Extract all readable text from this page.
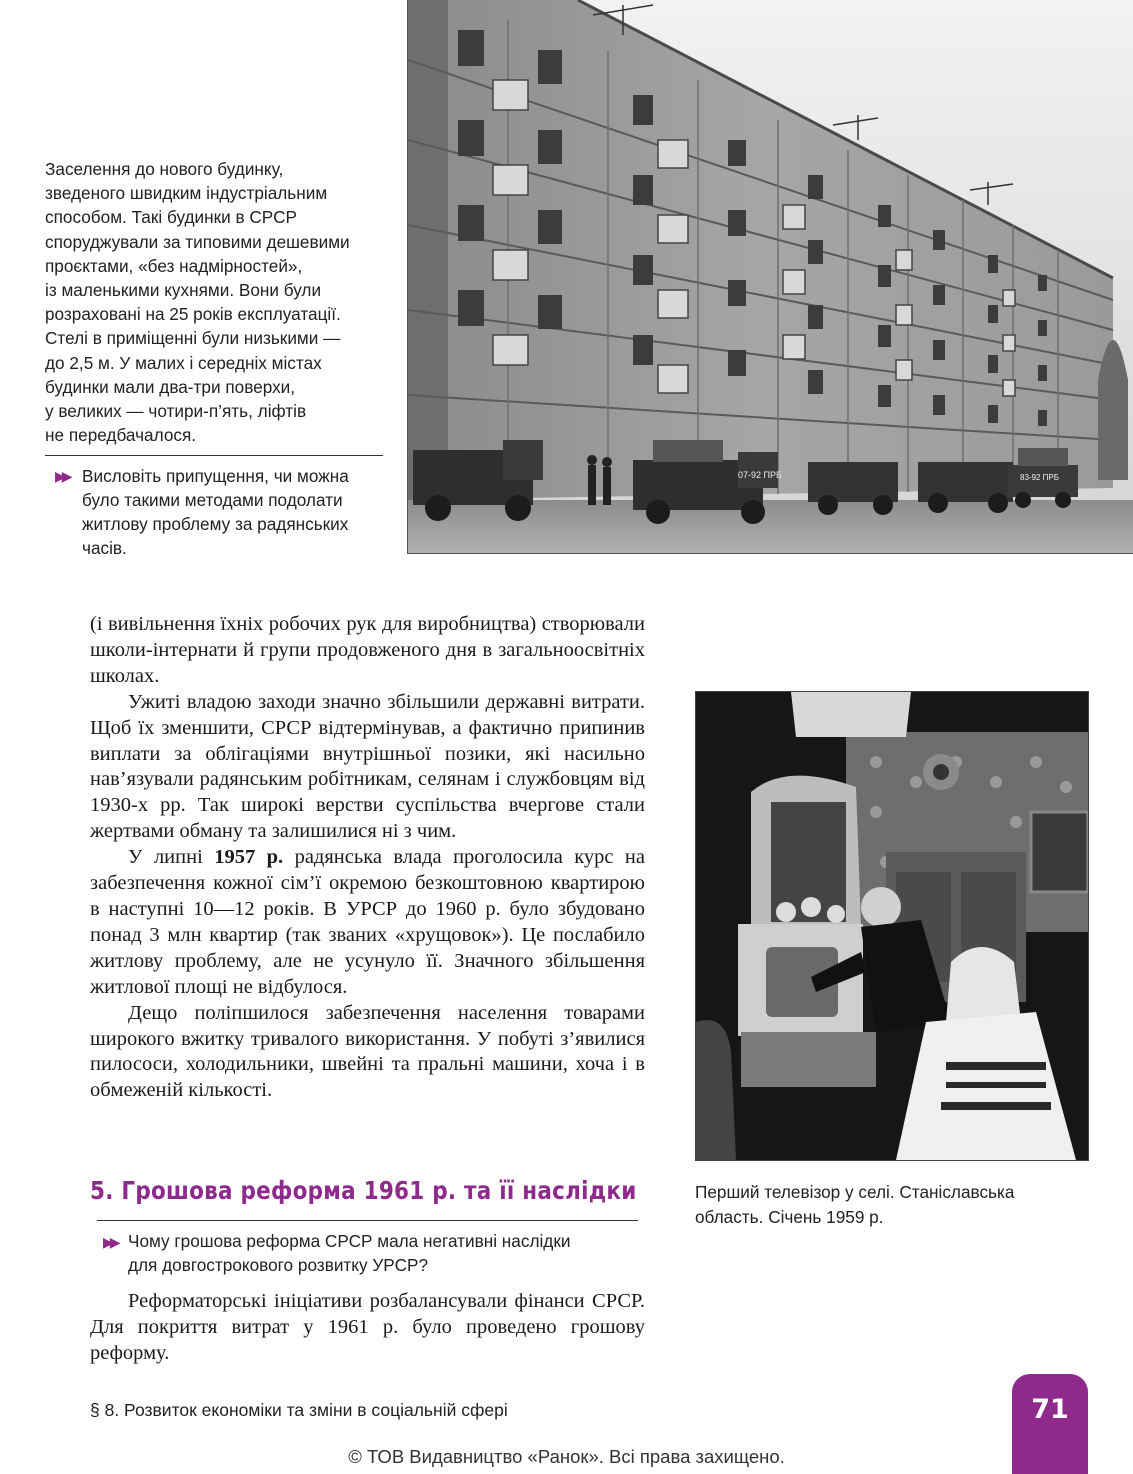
Заселення до нового будинку,
зведеного швидким індустріальним
способом. Такі будинки в СРСР
споруджували за типовими дешевими
проєктами, «без надмірностей»,
із маленькими кухнями. Вони були
розраховані на 25 років експлуатації.
Стелі в приміщенні були низькими —
до 2,5 м. У малих і середніх містах
будинки мали два-три поверхи,
у великих — чотири-п’ять, ліфтів
не передбачалося.
▶▶ Висловіть припущення, чи можна
було такими методами подолати
житлову проблему за радянських
часів.
07-92 ПРБ	83-92 ПРБ

(і вивільнення їхніх робочих рук для виробництва) створювали школи-інтернати й групи продовженого дня в загальноосвітніх школах.

Ужиті владою заходи значно збільшили державні витрати. Щоб їх зменшити, СРСР відтермінував, а фактично припинив виплати за облігаціями внутрішньої позики, які насильно нав’язували радянським робітникам, селянам і службовцям від 1930-х рр. Так широкі верстви суспільства вчергове стали жертвами обману та залишилися ні з чим.

У липні 1957 р. радянська влада проголосила курс на забезпечення кожної сім’ї окремою безкоштовною квартирою в наступні 10—12 років. В УРСР до 1960 р. було збудовано понад 3 млн квартир (так званих «хрущовок»). Це послабило житлову проблему, але не усунуло її. Значного збільшення житлової площі не відбулося.

Дещо поліпшилося забезпечення населення товарами широкого вжитку тривалого використання. У побуті з’явилися пилососи, холодильники, швейні та пральні машини, хоча і в обмеженій кількості.

5. Грошова реформа 1961 р. та її наслідки
▶▶ Чому грошова реформа СРСР мала негативні наслідки
для довгострокового розвитку УРСР?

Реформаторські ініціативи розбалансували фінанси СРСР. Для покриття витрат у 1961 р. було проведено грошову реформу.

Перший телевізор у селі. Станіславська
область. Січень 1959 р.
§ 8. Розвиток економіки та зміни в соціальній сфері	71
© ТОВ Видавництво «Ранок». Всі права захищено.
